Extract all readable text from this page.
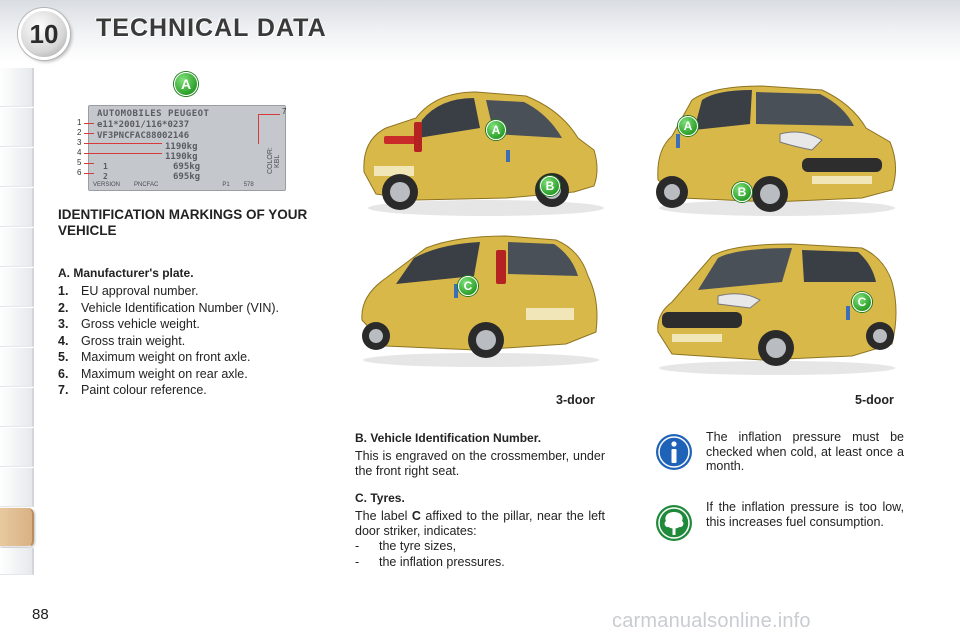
10	TECHNICAL DATA
A
AUTOMOBILES PEUGEOT
e11*2001/116*0237
VF3PNCFAC88002146
1190kg
1190kg
695kg
695kg
1
2
COLOR: KBL
VERSION PNCFAC	P1 578
1
2
3
4
5
6
7
IDENTIFICATION MARKINGS OF YOUR VEHICLE
A. Manufacturer's plate.
1.	EU approval number.
2.	Vehicle Identification Number (VIN).
3.	Gross vehicle weight.
4.	Gross train weight.
5.	Maximum weight on front axle.
6.	Maximum weight on rear axle.
7.	Paint colour reference.
A
B
A
B
C
C
3-door	5-door
B. Vehicle Identification Number.
This is engraved on the crossmember, under the front right seat.
C. Tyres.
The label C affixed to the pillar, near the left door striker, indicates:
-	the tyre sizes,
-	the inflation pressures.
The inflation pressure must be checked when cold, at least once a month.
If the inflation pressure is too low, this increases fuel consumption.
88	carmanualsonline.info
